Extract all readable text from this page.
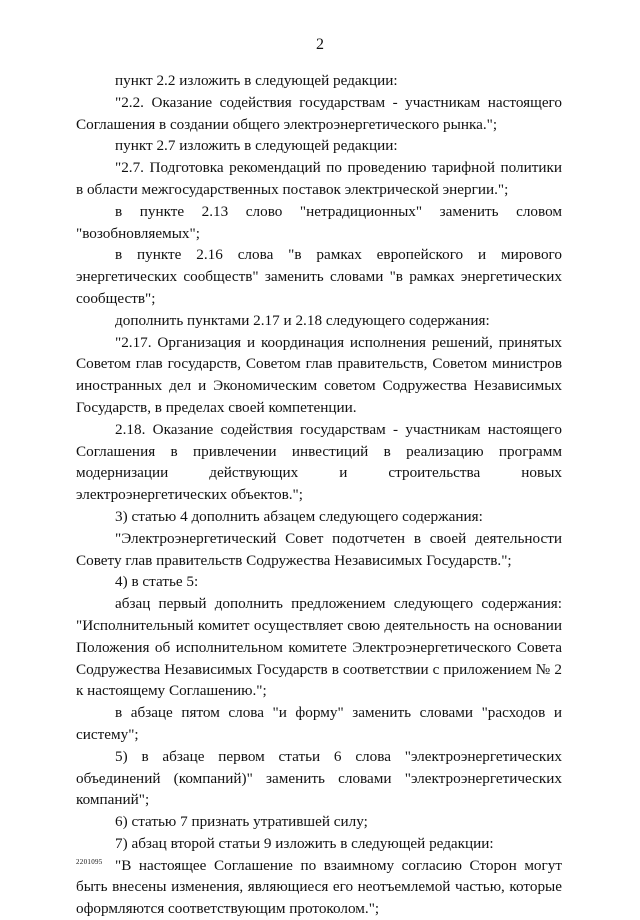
2

пункт 2.2 изложить в следующей редакции:

"2.2. Оказание содействия государствам - участникам настоящего Соглашения в создании общего электроэнергетического рынка.";

пункт 2.7 изложить в следующей редакции:

"2.7. Подготовка рекомендаций по проведению тарифной политики в области межгосударственных поставок электрической энергии.";

в пункте 2.13 слово "нетрадиционных" заменить словом "возобновляемых";

в пункте 2.16 слова "в рамках европейского и мирового энергетических сообществ" заменить словами "в рамках энергетических сообществ";

дополнить пунктами 2.17 и 2.18 следующего содержания:

"2.17. Организация и координация исполнения решений, принятых Советом глав государств, Советом глав правительств, Советом министров иностранных дел и Экономическим советом Содружества Независимых Государств, в пределах своей компетенции.

2.18. Оказание содействия государствам - участникам настоящего Соглашения в привлечении инвестиций в реализацию программ модернизации действующих и строительства новых электроэнергетических объектов.";

3) статью 4 дополнить абзацем следующего содержания:

"Электроэнергетический Совет подотчетен в своей деятельности Совету глав правительств Содружества Независимых Государств.";

4) в статье 5:

абзац первый дополнить предложением следующего содержания: "Исполнительный комитет осуществляет свою деятельность на основании Положения об исполнительном комитете Электроэнергетического Совета Содружества Независимых Государств в соответствии с приложением № 2 к настоящему Соглашению.";

в абзаце пятом слова "и форму" заменить словами "расходов и систему";

5) в абзаце первом статьи 6 слова "электроэнергетических объединений (компаний)" заменить словами "электроэнергетических компаний";

6) статью 7 признать утратившей силу;

7) абзац второй статьи 9 изложить в следующей редакции:

"В настоящее Соглашение по взаимному согласию Сторон могут быть внесены изменения, являющиеся его неотъемлемой частью, которые оформляются соответствующим протоколом.";

2201095
